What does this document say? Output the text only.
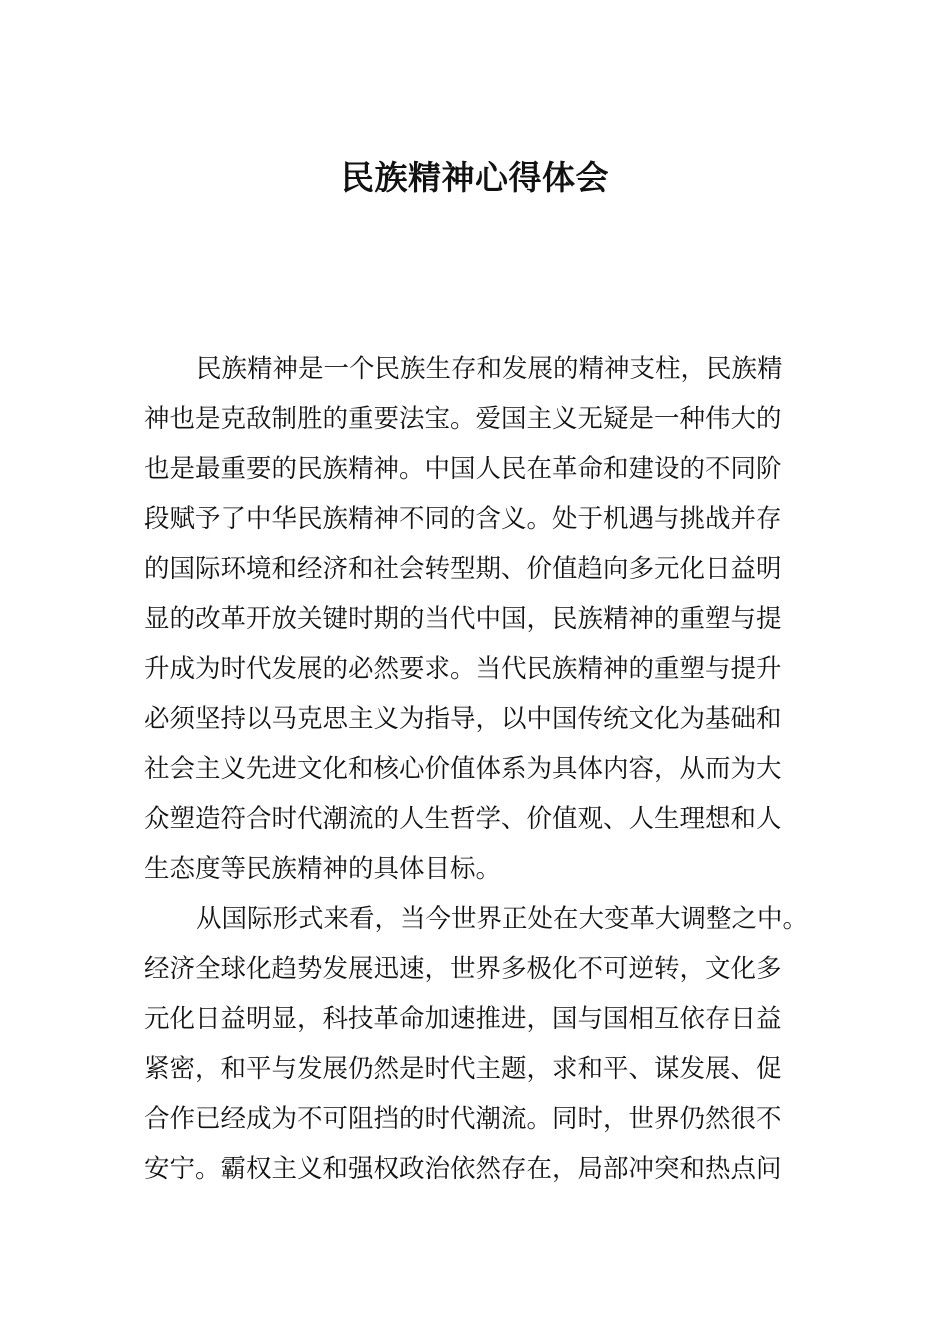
民族精神心得体会
民族精神是一个民族生存和发展的精神支柱，民族精
神也是克敌制胜的重要法宝。爱国主义无疑是一种伟大的
也是最重要的民族精神。中国人民在革命和建设的不同阶
段赋予了中华民族精神不同的含义。处于机遇与挑战并存
的国际环境和经济和社会转型期、价值趋向多元化日益明
显的改革开放关键时期的当代中国，民族精神的重塑与提
升成为时代发展的必然要求。当代民族精神的重塑与提升
必须坚持以马克思主义为指导，以中国传统文化为基础和
社会主义先进文化和核心价值体系为具体内容，从而为大
众塑造符合时代潮流的人生哲学、价值观、人生理想和人
生态度等民族精神的具体目标。
从国际形式来看，当今世界正处在大变革大调整之中。
经济全球化趋势发展迅速，世界多极化不可逆转，文化多
元化日益明显，科技革命加速推进，国与国相互依存日益
紧密，和平与发展仍然是时代主题，求和平、谋发展、促
合作已经成为不可阻挡的时代潮流。同时，世界仍然很不
安宁。霸权主义和强权政治依然存在，局部冲突和热点问
